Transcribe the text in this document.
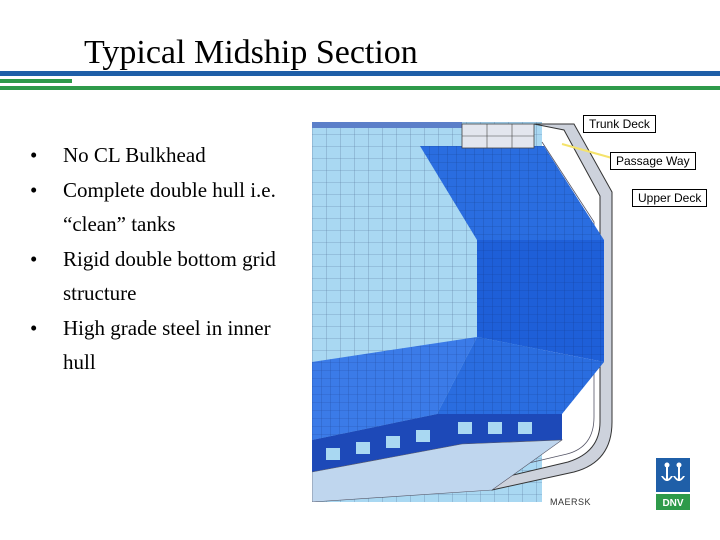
Typical Midship Section
• No CL Bulkhead
• Complete double hull i.e. “clean” tanks
• Rigid double bottom grid structure
• High grade steel in inner hull
Trunk Deck
Passage Way
Upper Deck
DNV
MAERSK
